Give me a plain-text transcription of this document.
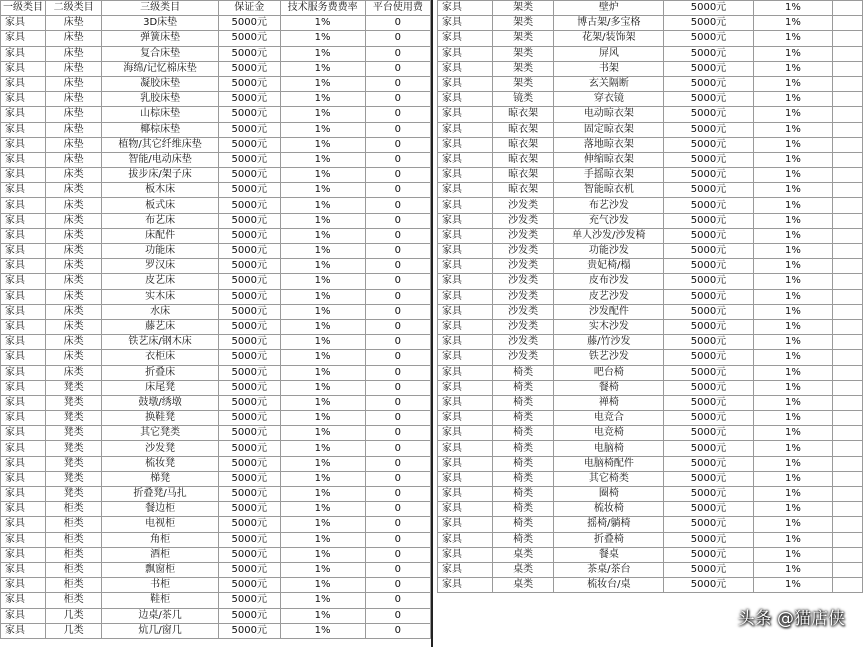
一级类目	二级类目	三级类目	保证金	技术服务费费率	平台使用费
家具	床垫	3D床垫	5000元	1%	0
家具	床垫	弹簧床垫	5000元	1%	0
家具	床垫	复合床垫	5000元	1%	0
家具	床垫	海绵/记忆棉床垫	5000元	1%	0
家具	床垫	凝胶床垫	5000元	1%	0
家具	床垫	乳胶床垫	5000元	1%	0
家具	床垫	山棕床垫	5000元	1%	0
家具	床垫	椰棕床垫	5000元	1%	0
家具	床垫	植物/其它纤维床垫	5000元	1%	0
家具	床垫	智能/电动床垫	5000元	1%	0
家具	床类	拔步床/架子床	5000元	1%	0
家具	床类	板木床	5000元	1%	0
家具	床类	板式床	5000元	1%	0
家具	床类	布艺床	5000元	1%	0
家具	床类	床配件	5000元	1%	0
家具	床类	功能床	5000元	1%	0
家具	床类	罗汉床	5000元	1%	0
家具	床类	皮艺床	5000元	1%	0
家具	床类	实木床	5000元	1%	0
家具	床类	水床	5000元	1%	0
家具	床类	藤艺床	5000元	1%	0
家具	床类	铁艺床/钢木床	5000元	1%	0
家具	床类	衣柜床	5000元	1%	0
家具	床类	折叠床	5000元	1%	0
家具	凳类	床尾凳	5000元	1%	0
家具	凳类	鼓墩/绣墩	5000元	1%	0
家具	凳类	换鞋凳	5000元	1%	0
家具	凳类	其它凳类	5000元	1%	0
家具	凳类	沙发凳	5000元	1%	0
家具	凳类	梳妆凳	5000元	1%	0
家具	凳类	梯凳	5000元	1%	0
家具	凳类	折叠凳/马扎	5000元	1%	0
家具	柜类	餐边柜	5000元	1%	0
家具	柜类	电视柜	5000元	1%	0
家具	柜类	角柜	5000元	1%	0
家具	柜类	酒柜	5000元	1%	0
家具	柜类	飘窗柜	5000元	1%	0
家具	柜类	书柜	5000元	1%	0
家具	柜类	鞋柜	5000元	1%	0
家具	几类	边桌/茶几	5000元	1%	0
家具	几类	炕几/窗几	5000元	1%	0
家具	架类	壁炉	5000元	1%	
家具	架类	博古架/多宝格	5000元	1%	
家具	架类	花架/装饰架	5000元	1%	
家具	架类	屏风	5000元	1%	
家具	架类	书架	5000元	1%	
家具	架类	玄关隔断	5000元	1%	
家具	镜类	穿衣镜	5000元	1%	
家具	晾衣架	电动晾衣架	5000元	1%	
家具	晾衣架	固定晾衣架	5000元	1%	
家具	晾衣架	落地晾衣架	5000元	1%	
家具	晾衣架	伸缩晾衣架	5000元	1%	
家具	晾衣架	手摇晾衣架	5000元	1%	
家具	晾衣架	智能晾衣机	5000元	1%	
家具	沙发类	布艺沙发	5000元	1%	
家具	沙发类	充气沙发	5000元	1%	
家具	沙发类	单人沙发/沙发椅	5000元	1%	
家具	沙发类	功能沙发	5000元	1%	
家具	沙发类	贵妃椅/榻	5000元	1%	
家具	沙发类	皮布沙发	5000元	1%	
家具	沙发类	皮艺沙发	5000元	1%	
家具	沙发类	沙发配件	5000元	1%	
家具	沙发类	实木沙发	5000元	1%	
家具	沙发类	藤/竹沙发	5000元	1%	
家具	沙发类	铁艺沙发	5000元	1%	
家具	椅类	吧台椅	5000元	1%	
家具	椅类	餐椅	5000元	1%	
家具	椅类	禅椅	5000元	1%	
家具	椅类	电竞合	5000元	1%	
家具	椅类	电竞椅	5000元	1%	
家具	椅类	电脑椅	5000元	1%	
家具	椅类	电脑椅配件	5000元	1%	
家具	椅类	其它椅类	5000元	1%	
家具	椅类	圈椅	5000元	1%	
家具	椅类	梳妆椅	5000元	1%	
家具	椅类	摇椅/躺椅	5000元	1%	
家具	椅类	折叠椅	5000元	1%	
家具	桌类	餐桌	5000元	1%	
家具	桌类	茶桌/茶台	5000元	1%	
家具	桌类	梳妆台/桌	5000元	1%	
头条 @猫店侠
